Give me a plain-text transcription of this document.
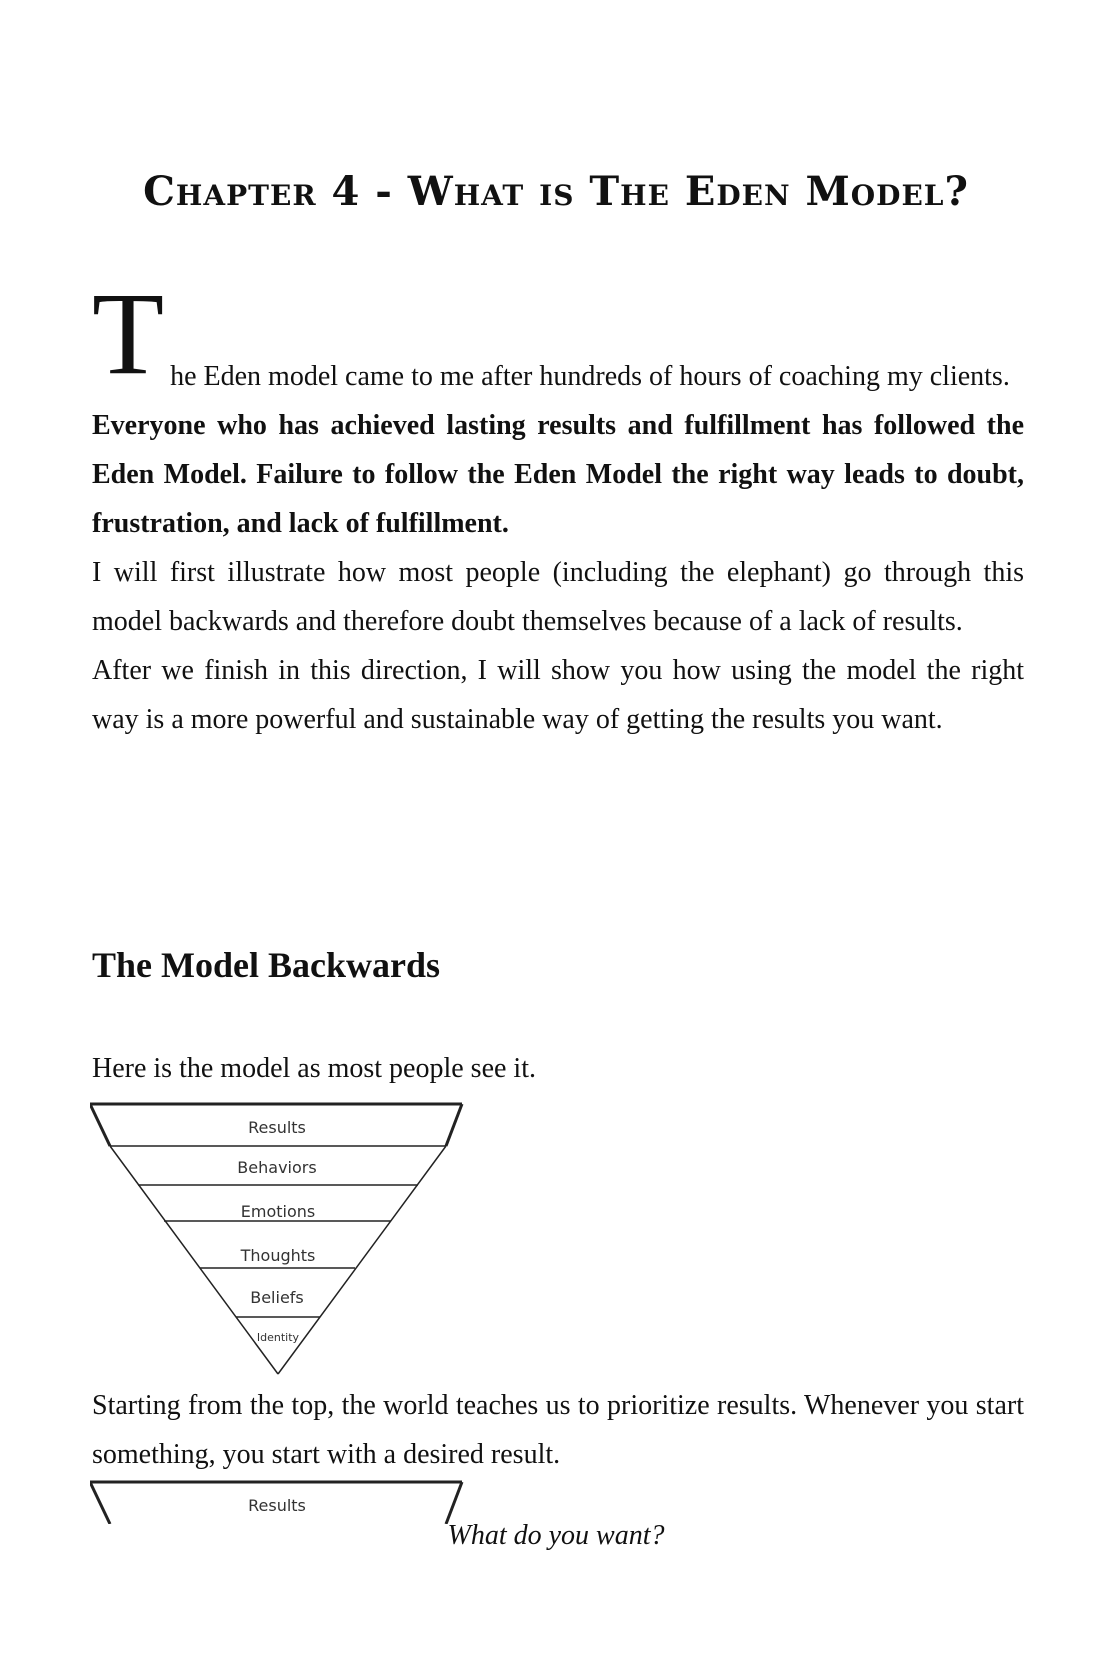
Chapter 4 - What is The Eden Model?

The Eden model came to me after hundreds of hours of coaching my clients.

Everyone who has achieved lasting results and fulfillment has followed the Eden Model. Failure to follow the Eden Model the right way leads to doubt, frustration, and lack of fulfillment.

I will first illustrate how most people (including the elephant) go through this model backwards and therefore doubt themselves because of a lack of results.

After we finish in this direction, I will show you how using the model the right way is a more powerful and sustainable way of getting the results you want.

The Model Backwards

Here is the model as most people see it.

Results
Behaviors
Emotions
Thoughts
Beliefs
Identity

Starting from the top, the world teaches us to prioritize results. Whenever you start something, you start with a desired result.

Results
What do you want?
